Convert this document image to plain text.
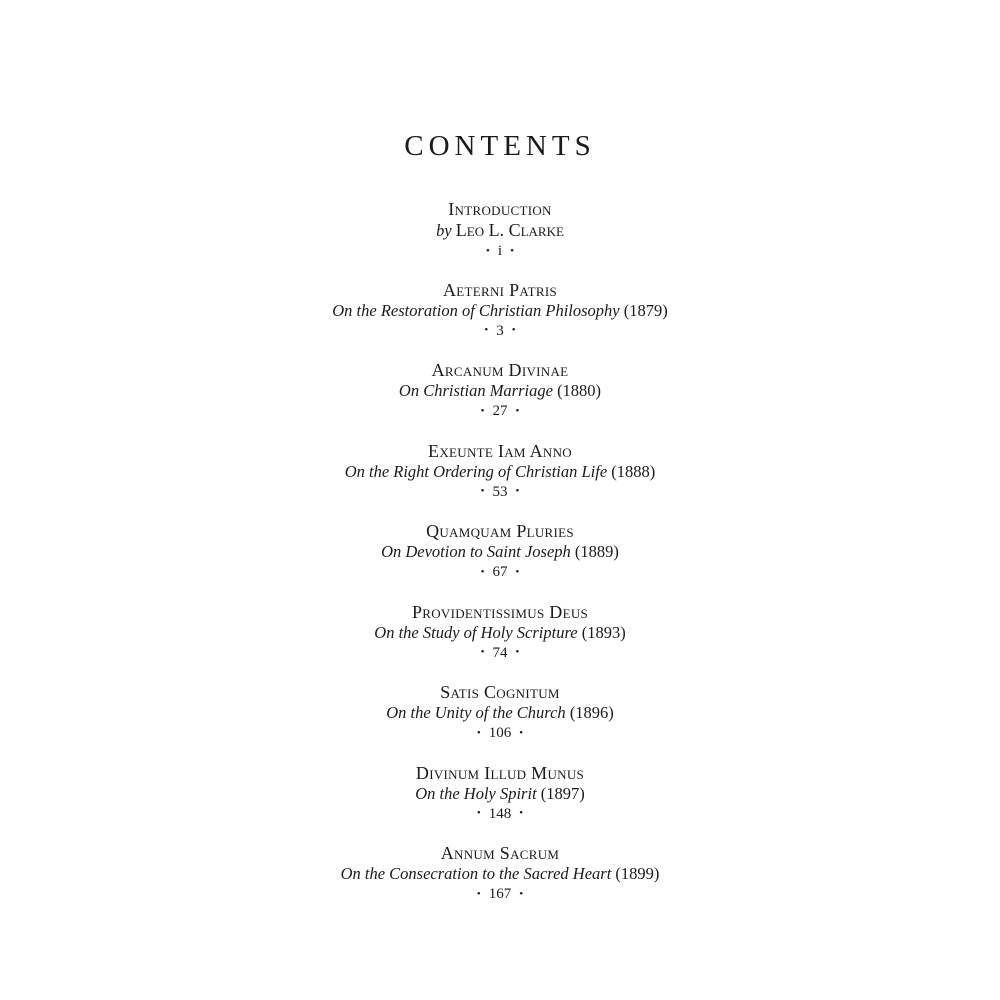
CONTENTS
Introduction
by Leo L. Clarke
• i •
Aeterni Patris
On the Restoration of Christian Philosophy (1879)
• 3 •
Arcanum Divinae
On Christian Marriage (1880)
• 27 •
Exeunte Iam Anno
On the Right Ordering of Christian Life (1888)
• 53 •
Quamquam Pluries
On Devotion to Saint Joseph (1889)
• 67 •
Providentissimus Deus
On the Study of Holy Scripture (1893)
• 74 •
Satis Cognitum
On the Unity of the Church (1896)
• 106 •
Divinum Illud Munus
On the Holy Spirit (1897)
• 148 •
Annum Sacrum
On the Consecration to the Sacred Heart (1899)
• 167 •
